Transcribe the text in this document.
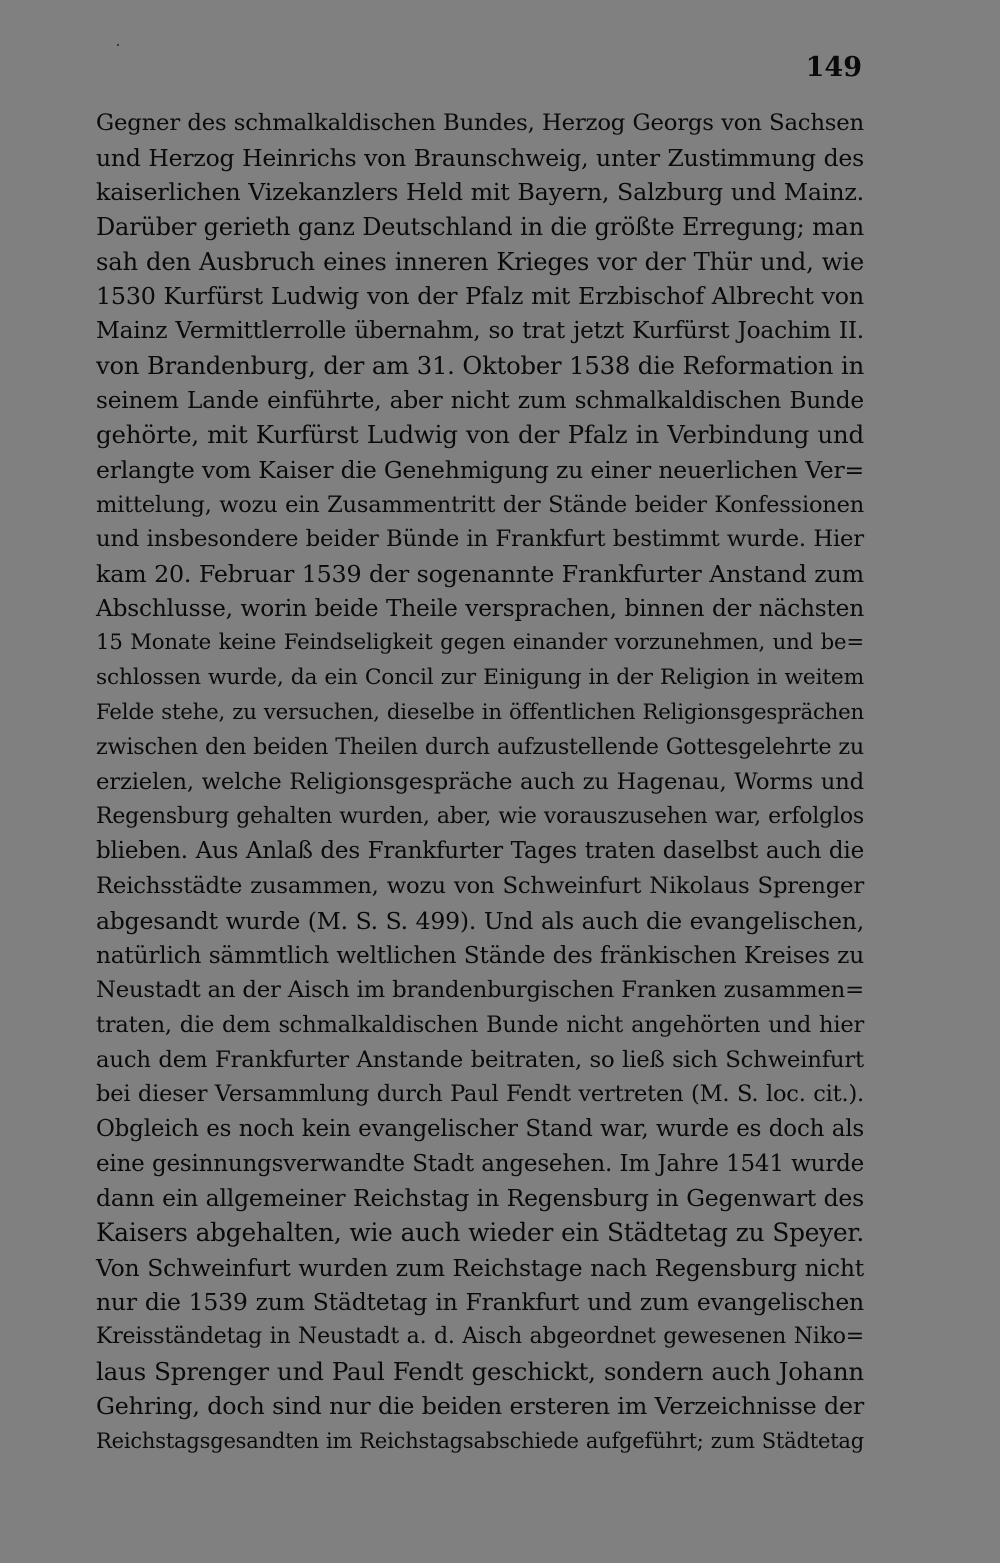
149
Gegner des schmalkaldischen Bundes, Herzog Georgs von Sachsen
und Herzog Heinrichs von Braunschweig, unter Zustimmung des
kaiserlichen Vizekanzlers Held mit Bayern, Salzburg und Mainz.
Darüber gerieth ganz Deutschland in die größte Erregung; man
sah den Ausbruch eines inneren Krieges vor der Thür und, wie
1530 Kurfürst Ludwig von der Pfalz mit Erzbischof Albrecht von
Mainz Vermittlerrolle übernahm, so trat jetzt Kurfürst Joachim II.
von Brandenburg, der am 31. Oktober 1538 die Reformation in
seinem Lande einführte, aber nicht zum schmalkaldischen Bunde
gehörte, mit Kurfürst Ludwig von der Pfalz in Verbindung und
erlangte vom Kaiser die Genehmigung zu einer neuerlichen Ver=
mittelung, wozu ein Zusammentritt der Stände beider Konfessionen
und insbesondere beider Bünde in Frankfurt bestimmt wurde. Hier
kam 20. Februar 1539 der sogenannte Frankfurter Anstand zum
Abschlusse, worin beide Theile versprachen, binnen der nächsten
15 Monate keine Feindseligkeit gegen einander vorzunehmen, und be=
schlossen wurde, da ein Concil zur Einigung in der Religion in weitem
Felde stehe, zu versuchen, dieselbe in öffentlichen Religionsgesprächen
zwischen den beiden Theilen durch aufzustellende Gottesgelehrte zu
erzielen, welche Religionsgespräche auch zu Hagenau, Worms und
Regensburg gehalten wurden, aber, wie vorauszusehen war, erfolglos
blieben. Aus Anlaß des Frankfurter Tages traten daselbst auch die
Reichsstädte zusammen, wozu von Schweinfurt Nikolaus Sprenger
abgesandt wurde (M. S. S. 499). Und als auch die evangelischen,
natürlich sämmtlich weltlichen Stände des fränkischen Kreises zu
Neustadt an der Aisch im brandenburgischen Franken zusammen=
traten, die dem schmalkaldischen Bunde nicht angehörten und hier
auch dem Frankfurter Anstande beitraten, so ließ sich Schweinfurt
bei dieser Versammlung durch Paul Fendt vertreten (M. S. loc. cit.).
Obgleich es noch kein evangelischer Stand war, wurde es doch als
eine gesinnungsverwandte Stadt angesehen. Im Jahre 1541 wurde
dann ein allgemeiner Reichstag in Regensburg in Gegenwart des
Kaisers abgehalten, wie auch wieder ein Städtetag zu Speyer.
Von Schweinfurt wurden zum Reichstage nach Regensburg nicht
nur die 1539 zum Städtetag in Frankfurt und zum evangelischen
Kreisständetag in Neustadt a. d. Aisch abgeordnet gewesenen Niko=
laus Sprenger und Paul Fendt geschickt, sondern auch Johann
Gehring, doch sind nur die beiden ersteren im Verzeichnisse der
Reichstagsgesandten im Reichstagsabschiede aufgeführt; zum Städtetag
